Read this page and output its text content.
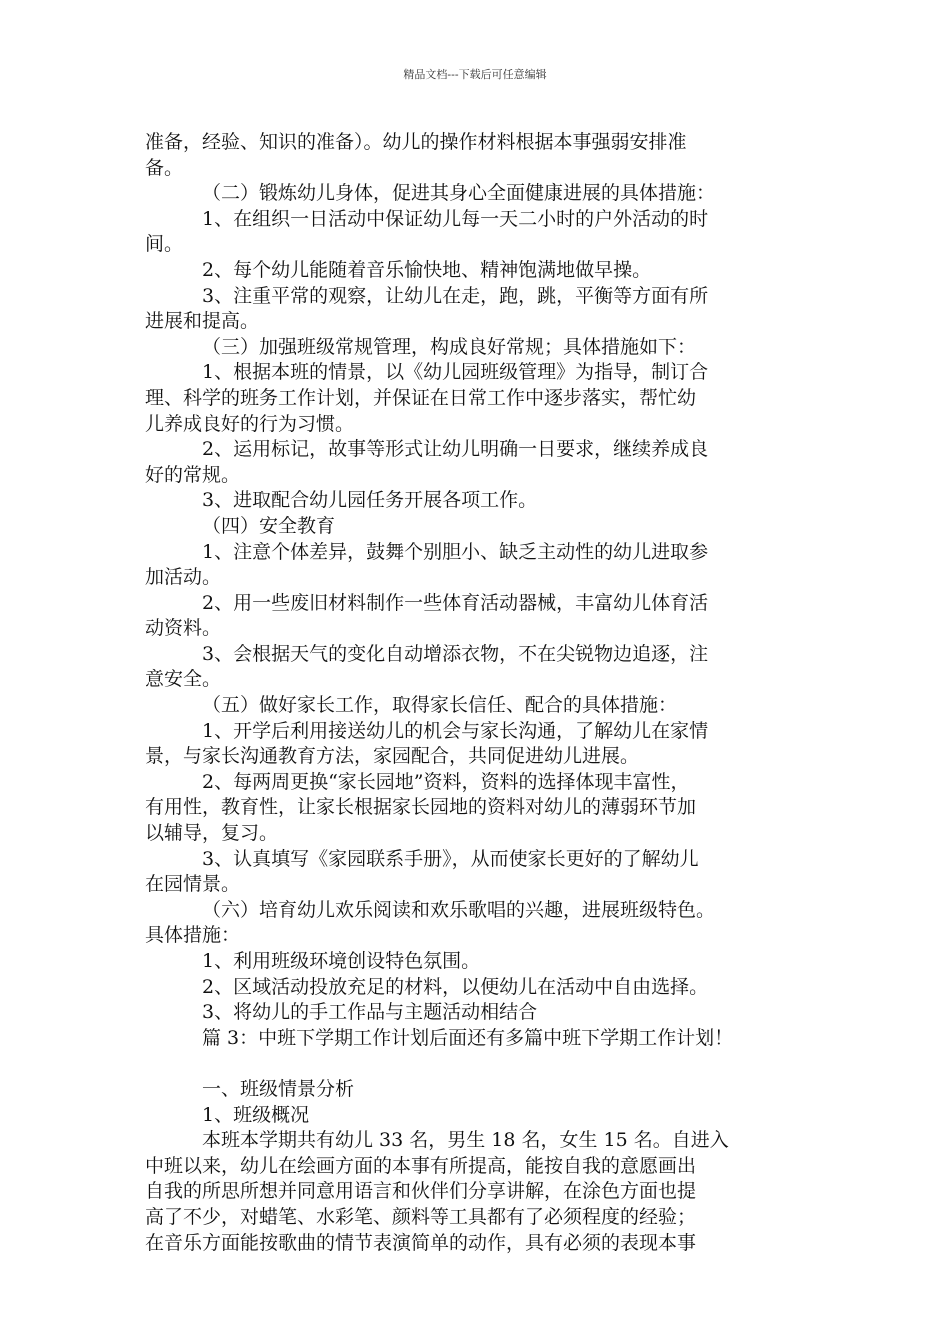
精品文档---下载后可任意编辑
准备，经验、知识的准备）。幼儿的操作材料根据本事强弱安排准
备。
（二）锻炼幼儿身体，促进其身心全面健康进展的具体措施：
1、在组织一日活动中保证幼儿每一天二小时的户外活动的时
间。
2、每个幼儿能随着音乐愉快地、精神饱满地做早操。
3、注重平常的观察，让幼儿在走，跑，跳，平衡等方面有所
进展和提高。
（三）加强班级常规管理，构成良好常规；具体措施如下：
1、根据本班的情景，以《幼儿园班级管理》为指导，制订合
理、科学的班务工作计划，并保证在日常工作中逐步落实，帮忙幼
儿养成良好的行为习惯。
2、运用标记，故事等形式让幼儿明确一日要求，继续养成良
好的常规。
3、进取配合幼儿园任务开展各项工作。
（四）安全教育
1、注意个体差异，鼓舞个别胆小、缺乏主动性的幼儿进取参
加活动。
2、用一些废旧材料制作一些体育活动器械，丰富幼儿体育活
动资料。
3、会根据天气的变化自动增添衣物，不在尖锐物边追逐，注
意安全。
（五）做好家长工作，取得家长信任、配合的具体措施：
1、开学后利用接送幼儿的机会与家长沟通，了解幼儿在家情
景，与家长沟通教育方法，家园配合，共同促进幼儿进展。
2、每两周更换“家长园地”资料，资料的选择体现丰富性，
有用性，教育性，让家长根据家长园地的资料对幼儿的薄弱环节加
以辅导，复习。
3、认真填写《家园联系手册》，从而使家长更好的了解幼儿
在园情景。
（六）培育幼儿欢乐阅读和欢乐歌唱的兴趣，进展班级特色。
具体措施：
1、利用班级环境创设特色氛围。
2、区域活动投放充足的材料，以便幼儿在活动中自由选择。
3、将幼儿的手工作品与主题活动相结合
篇 3：中班下学期工作计划后面还有多篇中班下学期工作计划！
一、班级情景分析
1、班级概况
本班本学期共有幼儿 33 名，男生 18 名，女生 15 名。自进入
中班以来，幼儿在绘画方面的本事有所提高，能按自我的意愿画出
自我的所思所想并同意用语言和伙伴们分享讲解，在涂色方面也提
高了不少，对蜡笔、水彩笔、颜料等工具都有了必须程度的经验；
在音乐方面能按歌曲的情节表演简单的动作，具有必须的表现本事
